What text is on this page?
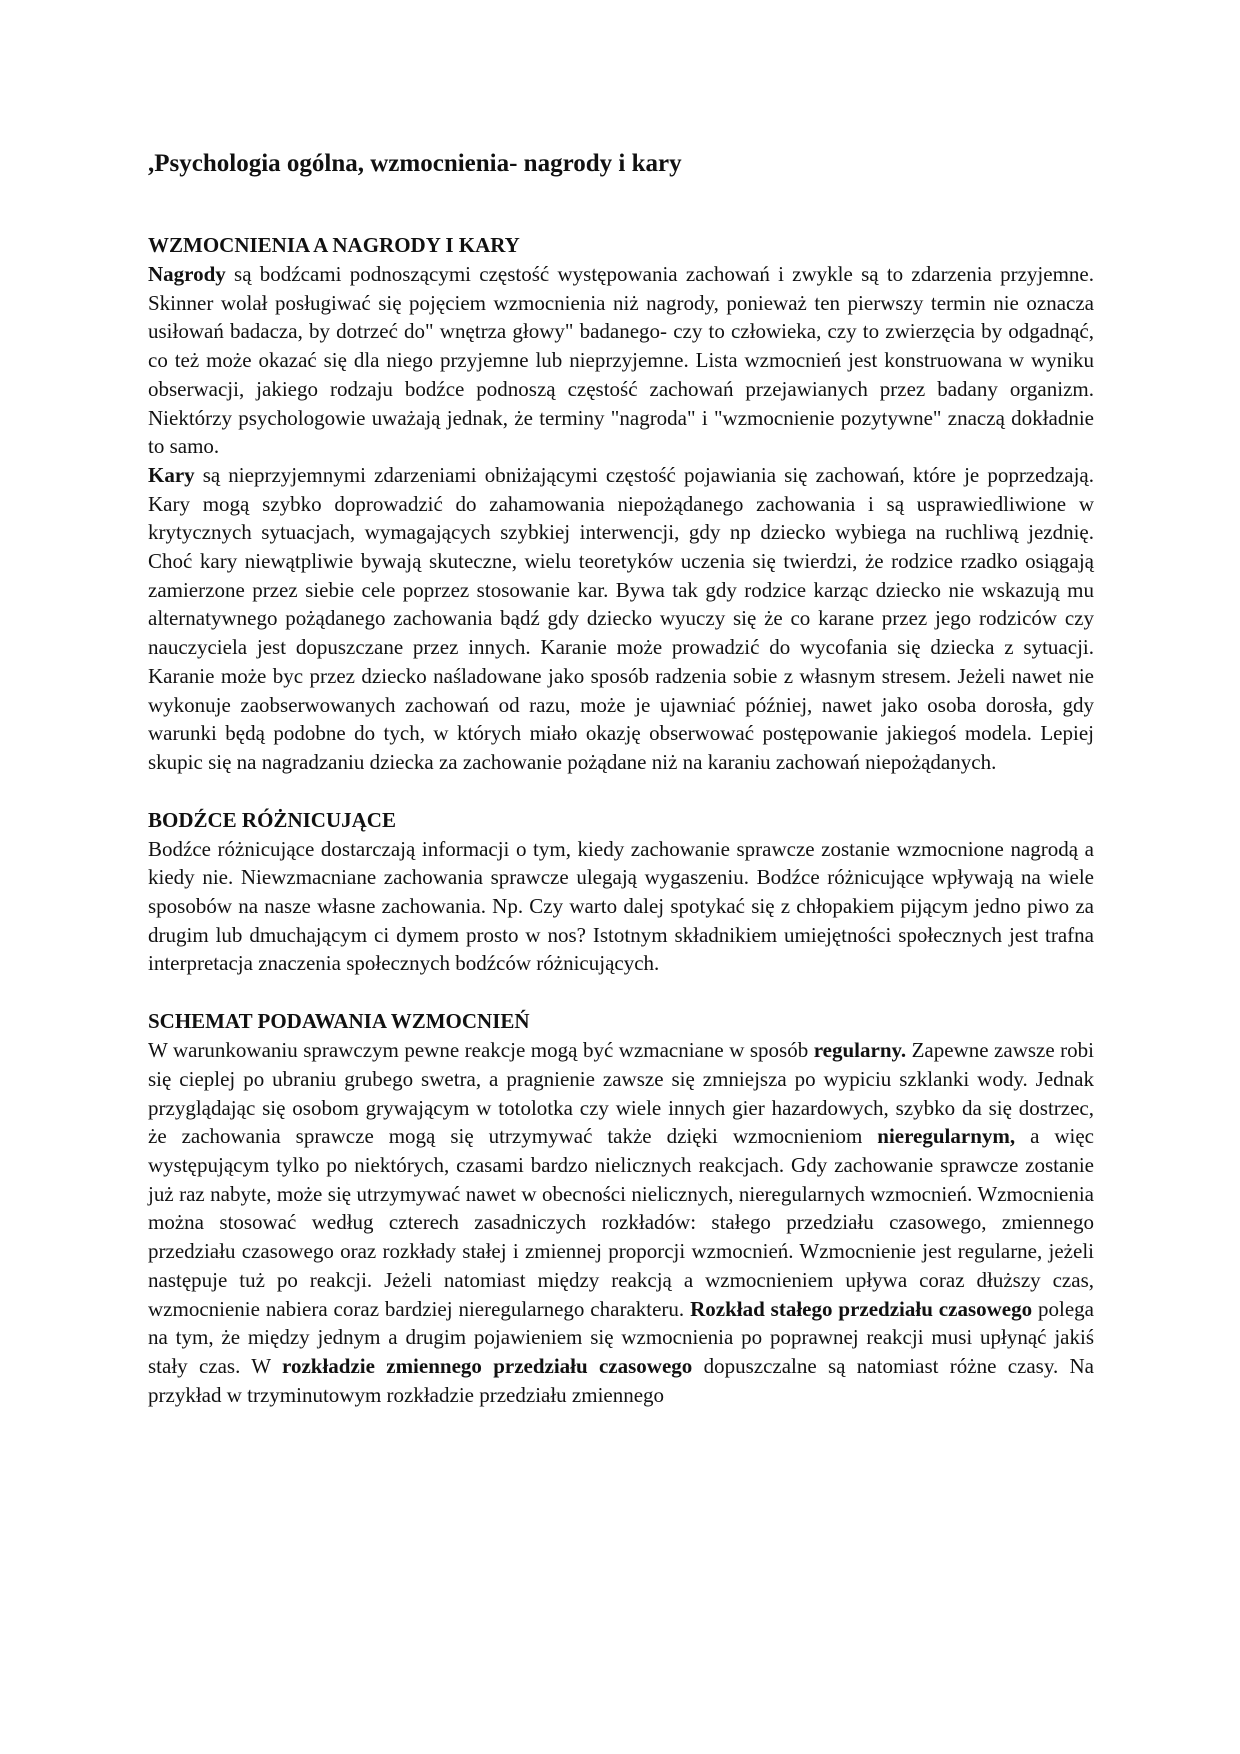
,Psychologia ogólna, wzmocnienia- nagrody i kary
WZMOCNIENIA A NAGRODY I KARY

Nagrody są bodźcami podnoszącymi częstość występowania zachowań i zwykle są to zdarzenia przyjemne. Skinner wolał posługiwać się pojęciem wzmocnienia niż nagrody, ponieważ ten pierwszy termin nie oznacza usiłowań badacza, by dotrzeć do" wnętrza głowy" badanego- czy to człowieka, czy to zwierzęcia by odgadnąć, co też może okazać się dla niego przyjemne lub nieprzyjemne. Lista wzmocnień jest konstruowana w wyniku obserwacji, jakiego rodzaju bodźce podnoszą częstość zachowań przejawianych przez badany organizm. Niektórzy psychologowie uważają jednak, że terminy "nagroda" i "wzmocnienie pozytywne" znaczą dokładnie to samo.

Kary są nieprzyjemnymi zdarzeniami obniżającymi częstość pojawiania się zachowań, które je poprzedzają. Kary mogą szybko doprowadzić do zahamowania niepożądanego zachowania i są usprawiedliwione w krytycznych sytuacjach, wymagających szybkiej interwencji, gdy np dziecko wybiega na ruchliwą jezdnię. Choć kary niewątpliwie bywają skuteczne, wielu teoretyków uczenia się twierdzi, że rodzice rzadko osiągają zamierzone przez siebie cele poprzez stosowanie kar. Bywa tak gdy rodzice karząc dziecko nie wskazują mu alternatywnego pożądanego zachowania bądź gdy dziecko wyuczy się że co karane przez jego rodziców czy nauczyciela jest dopuszczane przez innych. Karanie może prowadzić do wycofania się dziecka z sytuacji. Karanie może byc przez dziecko naśladowane jako sposób radzenia sobie z własnym stresem. Jeżeli nawet nie wykonuje zaobserwowanych zachowań od razu, może je ujawniać później, nawet jako osoba dorosła, gdy warunki będą podobne do tych, w których miało okazję obserwować postępowanie jakiegoś modela. Lepiej skupic się na nagradzaniu dziecka za zachowanie pożądane niż na karaniu zachowań niepożądanych.

BODŹCE RÓŻNICUJĄCE

Bodźce różnicujące dostarczają informacji o tym, kiedy zachowanie sprawcze zostanie wzmocnione nagrodą a kiedy nie. Niewzmacniane zachowania sprawcze ulegają wygaszeniu. Bodźce różnicujące wpływają na wiele sposobów na nasze własne zachowania. Np. Czy warto dalej spotykać się z chłopakiem pijącym jedno piwo za drugim lub dmuchającym ci dymem prosto w nos? Istotnym składnikiem umiejętności społecznych jest trafna interpretacja znaczenia społecznych bodźców różnicujących.

SCHEMAT PODAWANIA WZMOCNIEŃ

W warunkowaniu sprawczym pewne reakcje mogą być wzmacniane w sposób regularny. Zapewne zawsze robi się cieplej po ubraniu grubego swetra, a pragnienie zawsze się zmniejsza po wypiciu szklanki wody. Jednak przyglądając się osobom grywającym w totolotka czy wiele innych gier hazardowych, szybko da się dostrzec, że zachowania sprawcze mogą się utrzymywać także dzięki wzmocnieniom nieregularnym, a więc występującym tylko po niektórych, czasami bardzo nielicznych reakcjach. Gdy zachowanie sprawcze zostanie już raz nabyte, może się utrzymywać nawet w obecności nielicznych, nieregularnych wzmocnień. Wzmocnienia można stosować według czterech zasadniczych rozkładów: stałego przedziału czasowego, zmiennego przedziału czasowego oraz rozkłady stałej i zmiennej proporcji wzmocnień. Wzmocnienie jest regularne, jeżeli następuje tuż po reakcji. Jeżeli natomiast między reakcją a wzmocnieniem upływa coraz dłuższy czas, wzmocnienie nabiera coraz bardziej nieregularnego charakteru. Rozkład stałego przedziału czasowego polega na tym, że między jednym a drugim pojawieniem się wzmocnienia po poprawnej reakcji musi upłynąć jakiś stały czas. W rozkładzie zmiennego przedziału czasowego dopuszczalne są natomiast różne czasy. Na przykład w trzyminutowym rozkładzie przedziału zmiennego
